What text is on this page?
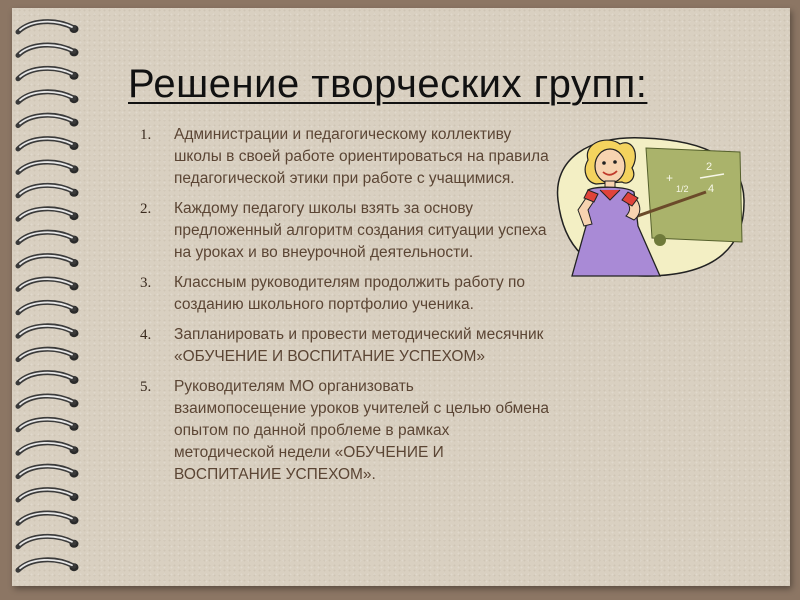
Решение творческих групп:
1.	Администрации и педагогическому коллективу школы в своей работе ориентироваться на правила педагогической этики при работе с учащимися.
2.	Каждому педагогу школы взять за основу предложенный алгоритм создания ситуации успеха на уроках и во внеурочной деятельности.
3.	Классным руководителям продолжить работу по созданию школьного портфолио ученика.
4.	Запланировать и провести методический месячник «ОБУЧЕНИЕ И ВОСПИТАНИЕ УСПЕХОМ»
5.	Руководителям МО организовать взаимопосещение уроков учителей с целью обмена опытом по данной проблеме в рамках методической недели «ОБУЧЕНИЕ И ВОСПИТАНИЕ УСПЕХОМ».
+
1/2
2
4
